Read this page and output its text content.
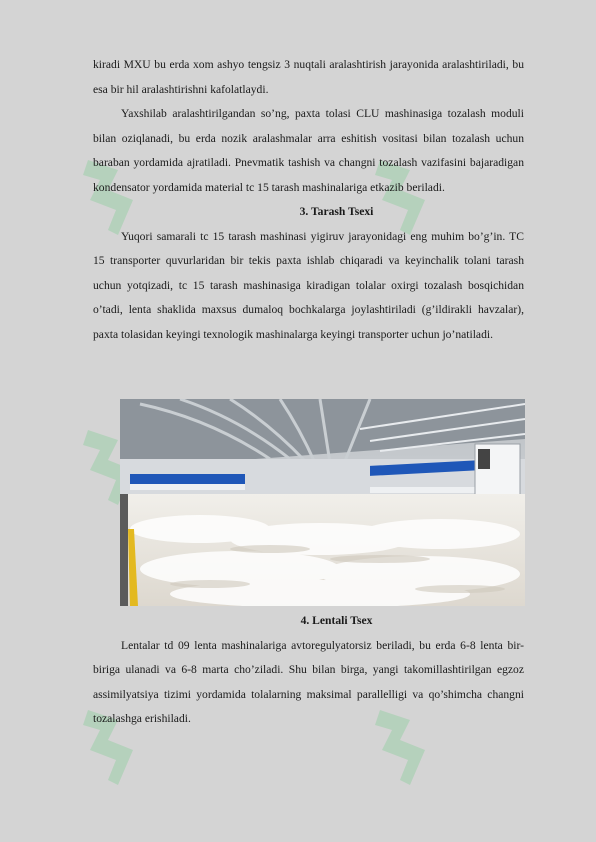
kiradi MXU bu erda xom ashyo tengsiz 3 nuqtali aralashtirish jarayonida aralashtiriladi, bu esa bir hil aralashtirishni kafolatlaydi.

Yaxshilab aralashtirilgandan so’ng, paxta tolasi CLU mashinasiga tozalash moduli bilan oziqlanadi, bu erda nozik aralashmalar arra eshitish vositasi bilan tozalash uchun baraban yordamida ajratiladi. Pnevmatik tashish va changni tozalash vazifasini bajaradigan kondensator yordamida material tc 15 tarash mashinalariga etkazib beriladi.

3. Tarash Tsexi

Yuqori samarali tc 15 tarash mashinasi yigiruv jarayonidagi eng muhim bo’g’in. TC 15 transporter quvurlaridan bir tekis paxta ishlab chiqaradi va keyinchalik tolani tarash uchun yotqizadi, tc 15 tarash mashinasiga kiradigan tolalar oxirgi tozalash bosqichidan o’tadi, lenta shaklida maxsus dumaloq bochkalarga joylashtiriladi (g’ildirakli havzalar), paxta tolasidan keyingi texnologik mashinalarga keyingi transporter uchun jo’natiladi.

4. Lentali Tsex

Lentalar td 09 lenta mashinalariga avtoregulyatorsiz beriladi, bu erda 6-8 lenta bir-biriga ulanadi va 6-8 marta cho’ziladi. Shu bilan birga, yangi takomillashtirilgan egzoz assimilyatsiya tizimi yordamida tolalarning maksimal parallelligi va qo’shimcha changni tozalashga erishiladi.
